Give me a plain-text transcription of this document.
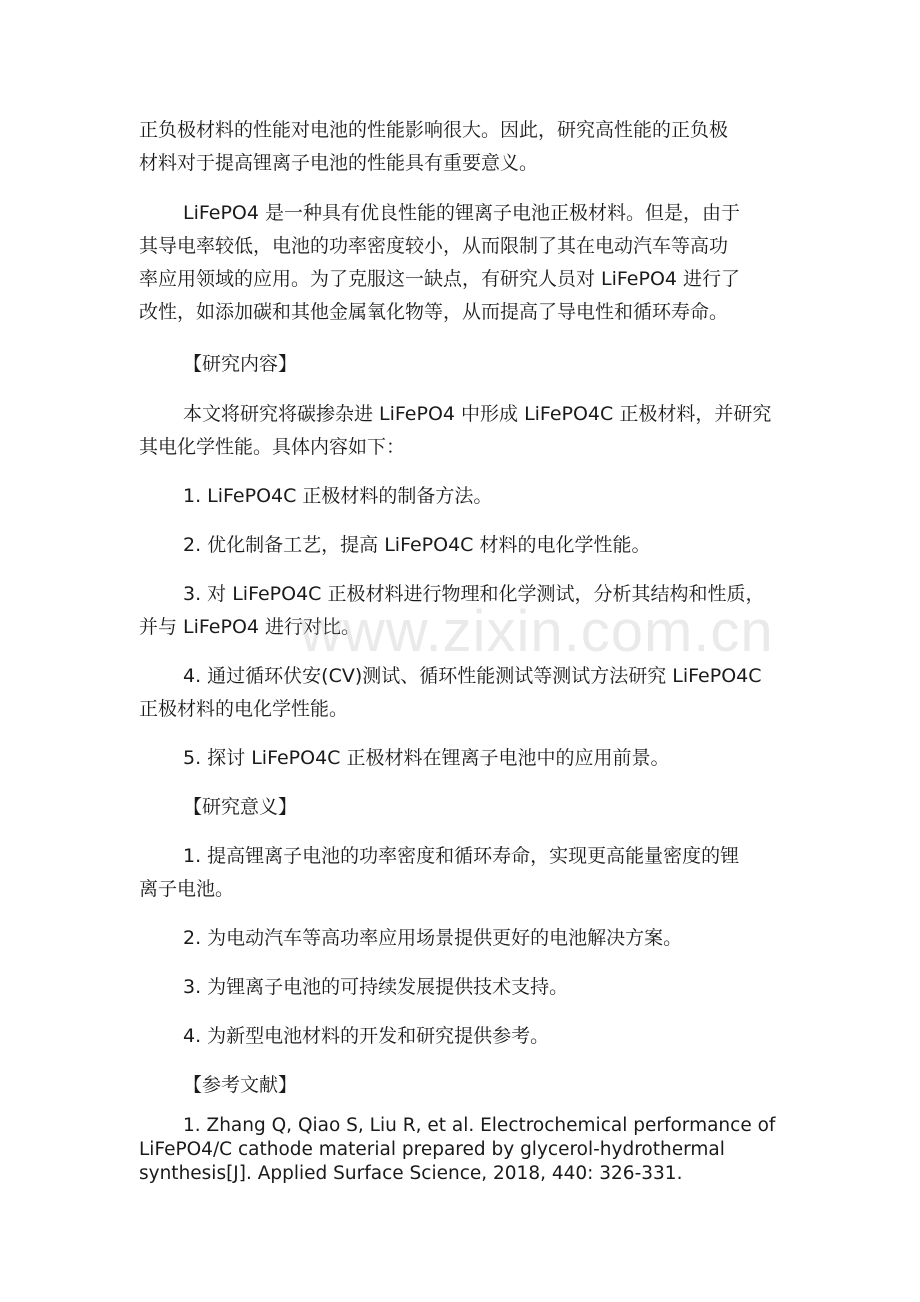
正负极材料的性能对电池的性能影响很大。因此，研究高性能的正负极
材料对于提高锂离子电池的性能具有重要意义。
LiFePO4 是一种具有优良性能的锂离子电池正极材料。但是，由于
其导电率较低，电池的功率密度较小，从而限制了其在电动汽车等高功
率应用领域的应用。为了克服这一缺点，有研究人员对 LiFePO4 进行了
改性，如添加碳和其他金属氧化物等，从而提高了导电性和循环寿命。
【研究内容】
本文将研究将碳掺杂进 LiFePO4 中形成 LiFePO4C 正极材料，并研究
其电化学性能。具体内容如下：
1. LiFePO4C 正极材料的制备方法。
2. 优化制备工艺，提高 LiFePO4C 材料的电化学性能。
3. 对 LiFePO4C 正极材料进行物理和化学测试，分析其结构和性质，
并与 LiFePO4 进行对比。
4. 通过循环伏安(CV)测试、循环性能测试等测试方法研究 LiFePO4C
正极材料的电化学性能。
5. 探讨 LiFePO4C 正极材料在锂离子电池中的应用前景。
【研究意义】
1. 提高锂离子电池的功率密度和循环寿命，实现更高能量密度的锂
离子电池。
2. 为电动汽车等高功率应用场景提供更好的电池解决方案。
3. 为锂离子电池的可持续发展提供技术支持。
4. 为新型电池材料的开发和研究提供参考。
【参考文献】
1. Zhang Q, Qiao S, Liu R, et al. Electrochemical performance of
LiFePO4/C cathode material prepared by glycerol-hydrothermal
synthesis[J]. Applied Surface Science, 2018, 440: 326-331.
www.zixin.com.cn
